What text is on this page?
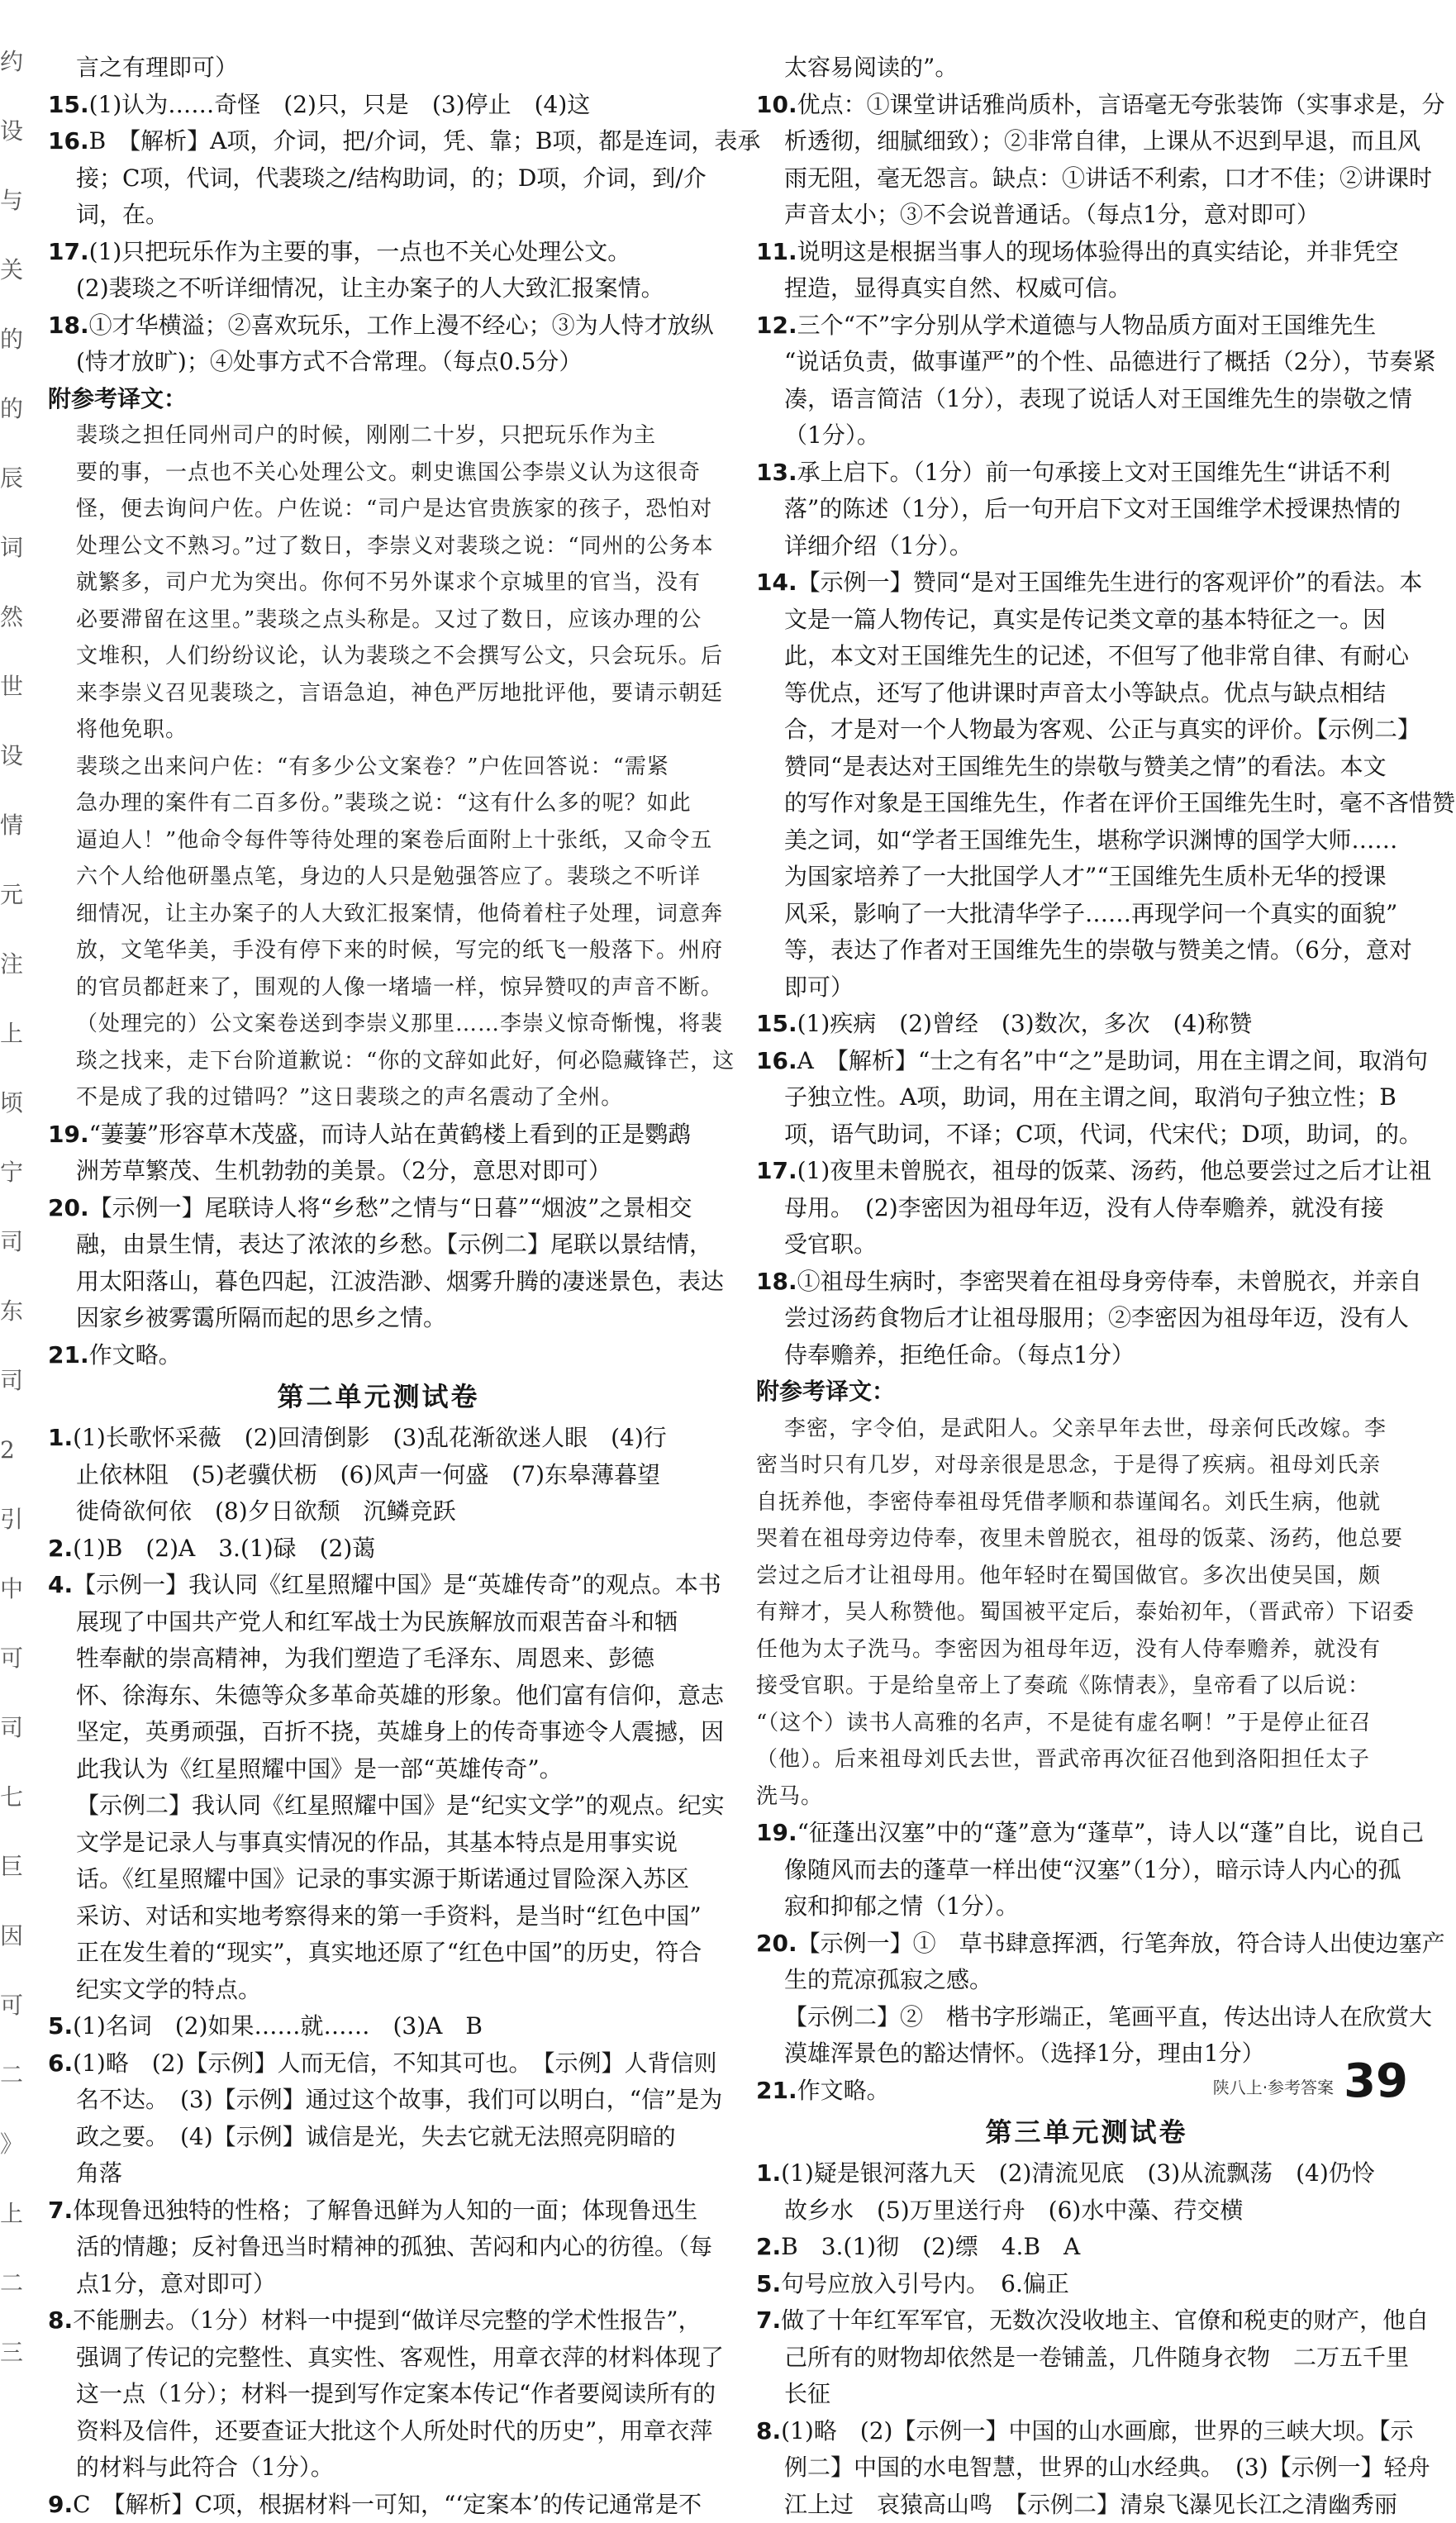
约
设
与
关
的
的
辰
词
然
世
设
情
元
注
上
顷
宁
司
东
司
2
引
中
可
司
七
巨
因
可
二
》
上
二
三
言之有理即可）
15.(1)认为……奇怪　(2)只，只是　(3)停止　(4)这
16.B　【解析】A项，介词，把/介词，凭、靠；B项，都是连词，表承
接；C项，代词，代裴琰之/结构助词，的；D项，介词，到/介
词，在。
17.(1)只把玩乐作为主要的事，一点也不关心处理公文。
(2)裴琰之不听详细情况，让主办案子的人大致汇报案情。
18.①才华横溢；②喜欢玩乐，工作上漫不经心；③为人恃才放纵
(恃才放旷)；④处事方式不合常理。（每点0.5分）
附参考译文：
裴琰之担任同州司户的时候，刚刚二十岁，只把玩乐作为主
要的事，一点也不关心处理公文。刺史谯国公李崇义认为这很奇
怪，便去询问户佐。户佐说：“司户是达官贵族家的孩子，恐怕对
处理公文不熟习。”过了数日，李崇义对裴琰之说：“同州的公务本
就繁多，司户尤为突出。你何不另外谋求个京城里的官当，没有
必要滞留在这里。”裴琰之点头称是。又过了数日，应该办理的公
文堆积，人们纷纷议论，认为裴琰之不会撰写公文，只会玩乐。后
来李崇义召见裴琰之，言语急迫，神色严厉地批评他，要请示朝廷
将他免职。
裴琰之出来问户佐：“有多少公文案卷？”户佐回答说：“需紧
急办理的案件有二百多份。”裴琰之说：“这有什么多的呢？如此
逼迫人！”他命令每件等待处理的案卷后面附上十张纸，又命令五
六个人给他研墨点笔，身边的人只是勉强答应了。裴琰之不听详
细情况，让主办案子的人大致汇报案情，他倚着柱子处理，词意奔
放，文笔华美，手没有停下来的时候，写完的纸飞一般落下。州府
的官员都赶来了，围观的人像一堵墙一样，惊异赞叹的声音不断。
（处理完的）公文案卷送到李崇义那里……李崇义惊奇惭愧，将裴
琰之找来，走下台阶道歉说：“你的文辞如此好，何必隐藏锋芒，这
不是成了我的过错吗？”这日裴琰之的声名震动了全州。
19.“萋萋”形容草木茂盛，而诗人站在黄鹤楼上看到的正是鹦鹉
洲芳草繁茂、生机勃勃的美景。（2分，意思对即可）
20.【示例一】尾联诗人将“乡愁”之情与“日暮”“烟波”之景相交
融，由景生情，表达了浓浓的乡愁。【示例二】尾联以景结情，
用太阳落山，暮色四起，江波浩渺、烟雾升腾的凄迷景色，表达
因家乡被雾霭所隔而起的思乡之情。
21.作文略。
第二单元测试卷
1.(1)长歌怀采薇　(2)回清倒影　(3)乱花渐欲迷人眼　(4)行
止依林阻　(5)老骥伏枥　(6)风声一何盛　(7)东皋薄暮望
徙倚欲何依　(8)夕日欲颓　沉鳞竞跃
2.(1)B　(2)A　3.(1)碌　(2)蔼
4.【示例一】我认同《红星照耀中国》是“英雄传奇”的观点。本书
展现了中国共产党人和红军战士为民族解放而艰苦奋斗和牺
牲奉献的崇高精神，为我们塑造了毛泽东、周恩来、彭德
怀、徐海东、朱德等众多革命英雄的形象。他们富有信仰，意志
坚定，英勇顽强，百折不挠，英雄身上的传奇事迹令人震撼，因
此我认为《红星照耀中国》是一部“英雄传奇”。
【示例二】我认同《红星照耀中国》是“纪实文学”的观点。纪实
文学是记录人与事真实情况的作品，其基本特点是用事实说
话。《红星照耀中国》记录的事实源于斯诺通过冒险深入苏区
采访、对话和实地考察得来的第一手资料，是当时“红色中国”
正在发生着的“现实”，真实地还原了“红色中国”的历史，符合
纪实文学的特点。
5.(1)名词　(2)如果……就……　(3)A　B
6.(1)略　(2)【示例】人而无信，不知其可也。　【示例】人背信则
名不达。　(3)【示例】通过这个故事，我们可以明白，“信”是为
政之要。　(4)【示例】诚信是光，失去它就无法照亮阴暗的
角落
7.体现鲁迅独特的性格；了解鲁迅鲜为人知的一面；体现鲁迅生
活的情趣；反衬鲁迅当时精神的孤独、苦闷和内心的彷徨。（每
点1分，意对即可）
8.不能删去。（1分）材料一中提到“做详尽完整的学术性报告”，
强调了传记的完整性、真实性、客观性，用章衣萍的材料体现了
这一点（1分）；材料一提到写作定案本传记“作者要阅读所有的
资料及信件，还要查证大批这个人所处时代的历史”，用章衣萍
的材料与此符合（1分）。
9.C　【解析】C项，根据材料一可知，“‘定案本’的传记通常是不
太容易阅读的”。
10.优点：①课堂讲话雅尚质朴，言语毫无夸张装饰（实事求是，分
析透彻，细腻细致）；②非常自律，上课从不迟到早退，而且风
雨无阻，毫无怨言。缺点：①讲话不利索，口才不佳；②讲课时
声音太小；③不会说普通话。（每点1分，意对即可）
11.说明这是根据当事人的现场体验得出的真实结论，并非凭空
捏造，显得真实自然、权威可信。
12.三个“不”字分别从学术道德与人物品质方面对王国维先生
“说话负责，做事谨严”的个性、品德进行了概括（2分），节奏紧
凑，语言简洁（1分），表现了说话人对王国维先生的崇敬之情
（1分）。
13.承上启下。（1分）前一句承接上文对王国维先生“讲话不利
落”的陈述（1分），后一句开启下文对王国维学术授课热情的
详细介绍（1分）。
14.【示例一】赞同“是对王国维先生进行的客观评价”的看法。本
文是一篇人物传记，真实是传记类文章的基本特征之一。因
此，本文对王国维先生的记述，不但写了他非常自律、有耐心
等优点，还写了他讲课时声音太小等缺点。优点与缺点相结
合，才是对一个人物最为客观、公正与真实的评价。【示例二】
赞同“是表达对王国维先生的崇敬与赞美之情”的看法。本文
的写作对象是王国维先生，作者在评价王国维先生时，毫不吝惜赞
美之词，如“学者王国维先生，堪称学识渊博的国学大师……
为国家培养了一大批国学人才”“王国维先生质朴无华的授课
风采，影响了一大批清华学子……再现学问一个真实的面貌”
等，表达了作者对王国维先生的崇敬与赞美之情。（6分，意对
即可）
15.(1)疾病　(2)曾经　(3)数次，多次　(4)称赞
16.A　【解析】“士之有名”中“之”是助词，用在主谓之间，取消句
子独立性。A项，助词，用在主谓之间，取消句子独立性；B
项，语气助词，不译；C项，代词，代宋代；D项，助词，的。
17.(1)夜里未曾脱衣，祖母的饭菜、汤药，他总要尝过之后才让祖
母用。　(2)李密因为祖母年迈，没有人侍奉赡养，就没有接
受官职。
18.①祖母生病时，李密哭着在祖母身旁侍奉，未曾脱衣，并亲自
尝过汤药食物后才让祖母服用；②李密因为祖母年迈，没有人
侍奉赡养，拒绝任命。（每点1分）
附参考译文：
李密，字令伯，是武阳人。父亲早年去世，母亲何氏改嫁。李
密当时只有几岁，对母亲很是思念，于是得了疾病。祖母刘氏亲
自抚养他，李密侍奉祖母凭借孝顺和恭谨闻名。刘氏生病，他就
哭着在祖母旁边侍奉，夜里未曾脱衣，祖母的饭菜、汤药，他总要
尝过之后才让祖母用。他年轻时在蜀国做官。多次出使吴国，颇
有辩才，吴人称赞他。蜀国被平定后，泰始初年，（晋武帝）下诏委
任他为太子洗马。李密因为祖母年迈，没有人侍奉赡养，就没有
接受官职。于是给皇帝上了奏疏《陈情表》，皇帝看了以后说：
“（这个）读书人高雅的名声，不是徒有虚名啊！”于是停止征召
（他）。后来祖母刘氏去世，晋武帝再次征召他到洛阳担任太子
洗马。
19.“征蓬出汉塞”中的“蓬”意为“蓬草”，诗人以“蓬”自比，说自己
像随风而去的蓬草一样出使“汉塞”（1分），暗示诗人内心的孤
寂和抑郁之情（1分）。
20.【示例一】①　草书肆意挥洒，行笔奔放，符合诗人出使边塞产
生的荒凉孤寂之感。
【示例二】②　楷书字形端正，笔画平直，传达出诗人在欣赏大
漠雄浑景色的豁达情怀。（选择1分，理由1分）
21.作文略。
第三单元测试卷
1.(1)疑是银河落九天　(2)清流见底　(3)从流飘荡　(4)仍怜
故乡水　(5)万里送行舟　(6)水中藻、荇交横
2.B　3.(1)彻　(2)缥　4.B　A
5.句号应放入引号内。　6.偏正
7.做了十年红军军官，无数次没收地主、官僚和税吏的财产，他自
己所有的财物却依然是一卷铺盖，几件随身衣物　二万五千里
长征
8.(1)略　(2)【示例一】中国的山水画廊，世界的三峡大坝。【示
例二】中国的水电智慧，世界的山水经典。　(3)【示例一】轻舟
江上过　哀猿高山鸣　【示例二】清泉飞瀑见长江之清幽秀丽
陕八上·参考答案 39
